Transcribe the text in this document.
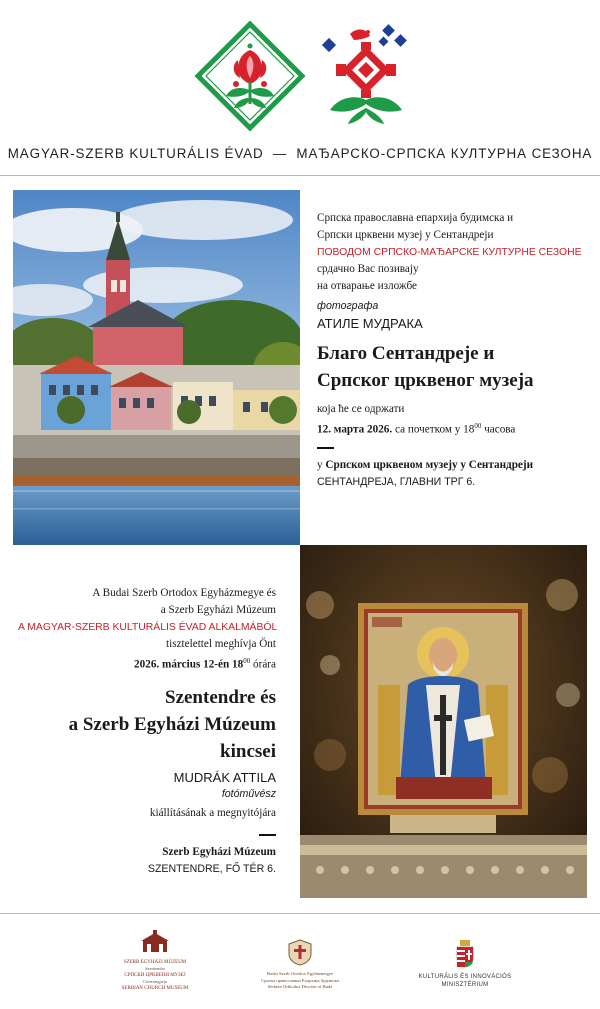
MAGYAR-SZERB KULTURÁLIS ÉVAD — МАЂАРСКО-СРПСКА КУЛТУРНА СЕЗОНА
Српска православна епархија будимска и
Српски црквени музеј у Сентандреји
ПОВОДОМ СРПСКО-МАЂАРСКЕ КУЛТУРНЕ СЕЗОНЕ
срдачно Вас позивају
на отварање изложбе
фотографа
АТИЛЕ МУДРАКА
Благо Сентандреје и
Српског црквеног музеја
која ће се одржати
12. марта 2026. са почетком у $18^{00}$ часова
у Српском црквеном музеју у Сентандреји
СЕНТАНДРЕЈА, ГЛАВНИ ТРГ 6.
A Budai Szerb Ortodox Egyházmegye és
a Szerb Egyházi Múzeum
A MAGYAR-SZERB KULTURÁLIS ÉVAD ALKALMÁBÓL
tisztelettel meghívja Önt
2026. március 12-én $18^{00}$ órára
Szentendre és
a Szerb Egyházi Múzeum
kincsei
MUDRÁK ATTILA
fotóművész
kiállításának a megnyitójára
Szerb Egyházi Múzeum
SZENTENDRE, FŐ TÉR 6.
SZERB EGYHÁZI MÚZEUM
Szentendre
СРПСКИ ЦРКВЕНИ МУЗЕЈ
Сентандреја
SERBIAN CHURCH MUSEUM
Budai Szerb Ortodox Egyházmegye
Српска православна Епархија будимска
Serbian Orthodox Diocese of Buda
KULTURÁLIS ÉS INNOVÁCIÓS
MINISZTÉRIUM
